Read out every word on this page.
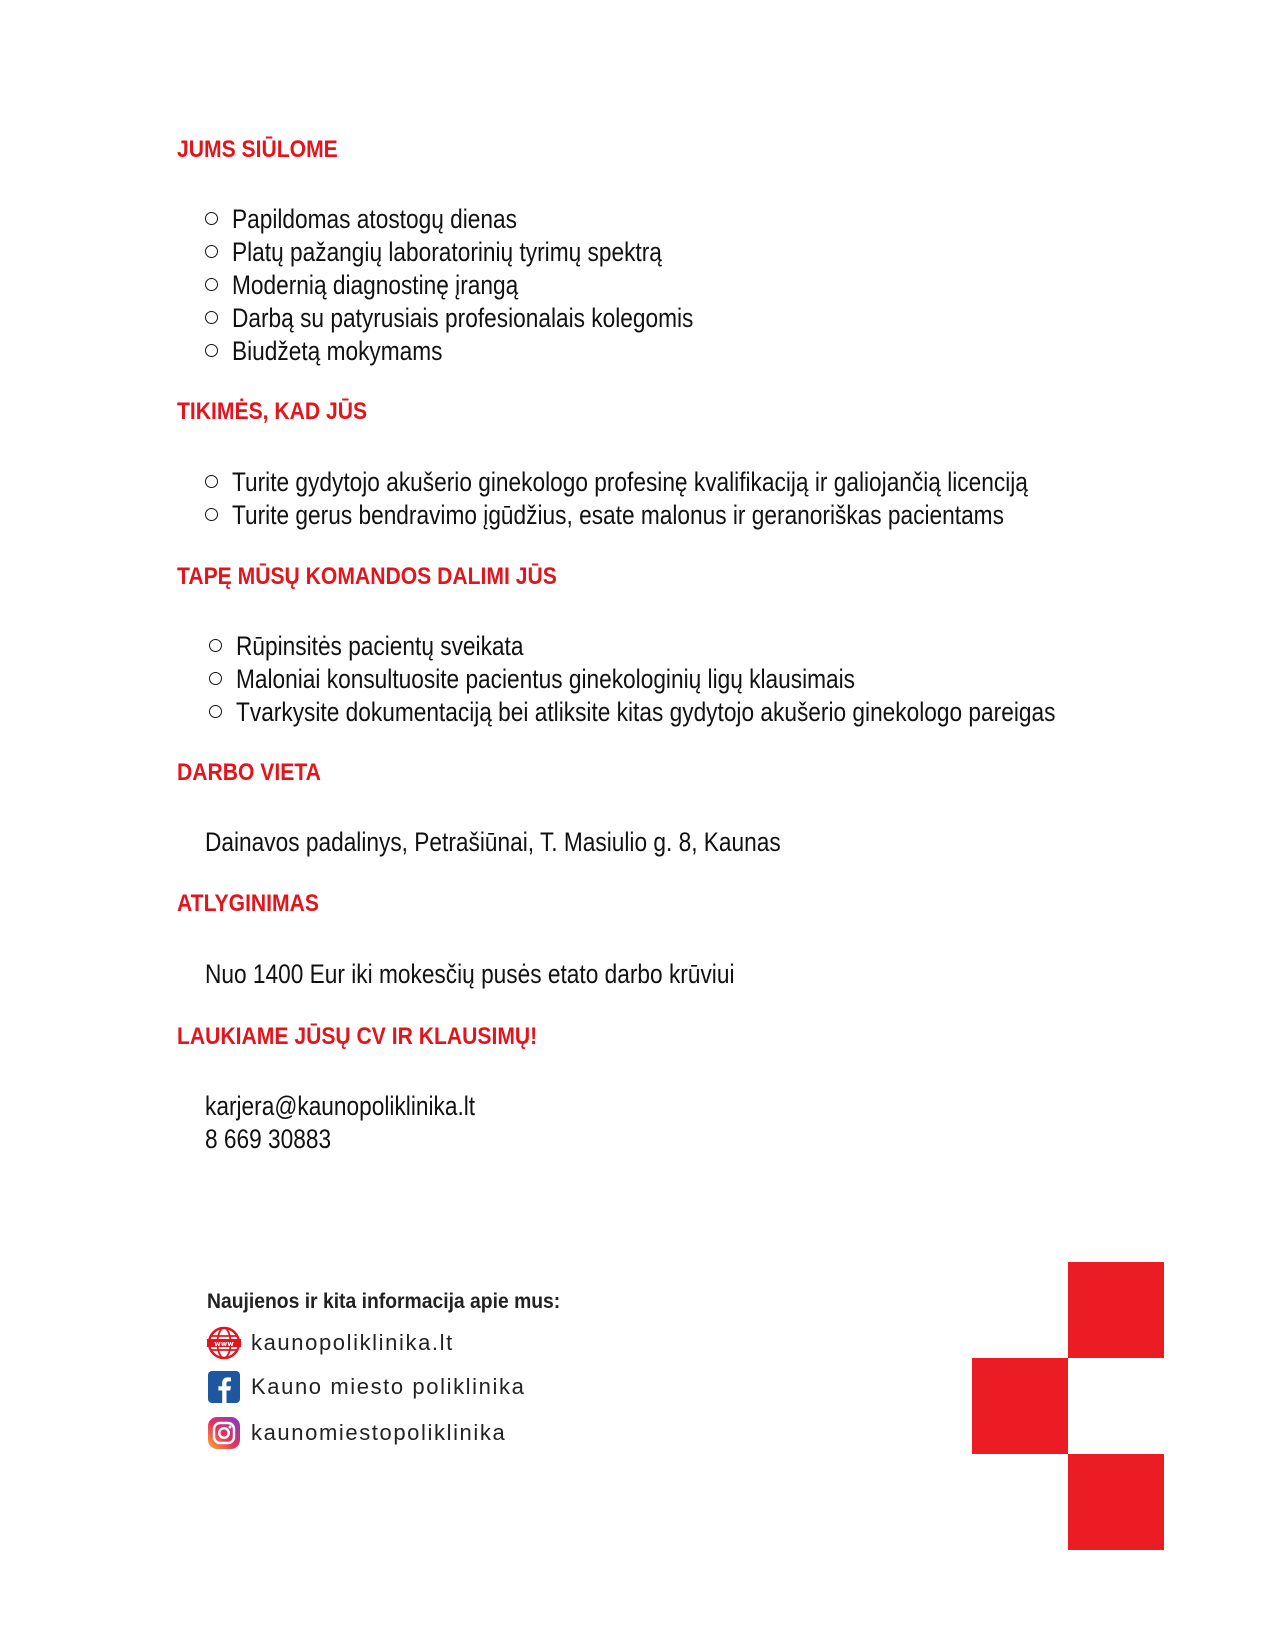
JUMS SIŪLOME
Papildomas atostogų dienas
Platų pažangių laboratorinių tyrimų spektrą
Modernią diagnostinę įrangą
Darbą su patyrusiais profesionalais kolegomis
Biudžetą mokymams
TIKIMĖS, KAD JŪS
Turite gydytojo akušerio ginekologo profesinę kvalifikaciją ir galiojančią licenciją
Turite gerus bendravimo įgūdžius, esate malonus ir geranoriškas pacientams
TAPĘ MŪSŲ KOMANDOS DALIMI JŪS
Rūpinsitės pacientų sveikata
Maloniai konsultuosite pacientus ginekologinių ligų klausimais
Tvarkysite dokumentaciją bei atliksite kitas gydytojo akušerio ginekologo pareigas
DARBO VIETA

Dainavos padalinys, Petrašiūnai, T. Masiulio g. 8, Kaunas

ATLYGINIMAS

Nuo 1400 Eur iki mokesčių pusės etato darbo krūviui

LAUKIAME JŪSŲ CV IR KLAUSIMŲ!

karjera@kaunopoliklinika.lt

8 669 30883

Naujienos ir kita informacija apie mus:

www kaunopoliklinika.lt
Kauno miesto poliklinika
kaunomiestopoliklinika
